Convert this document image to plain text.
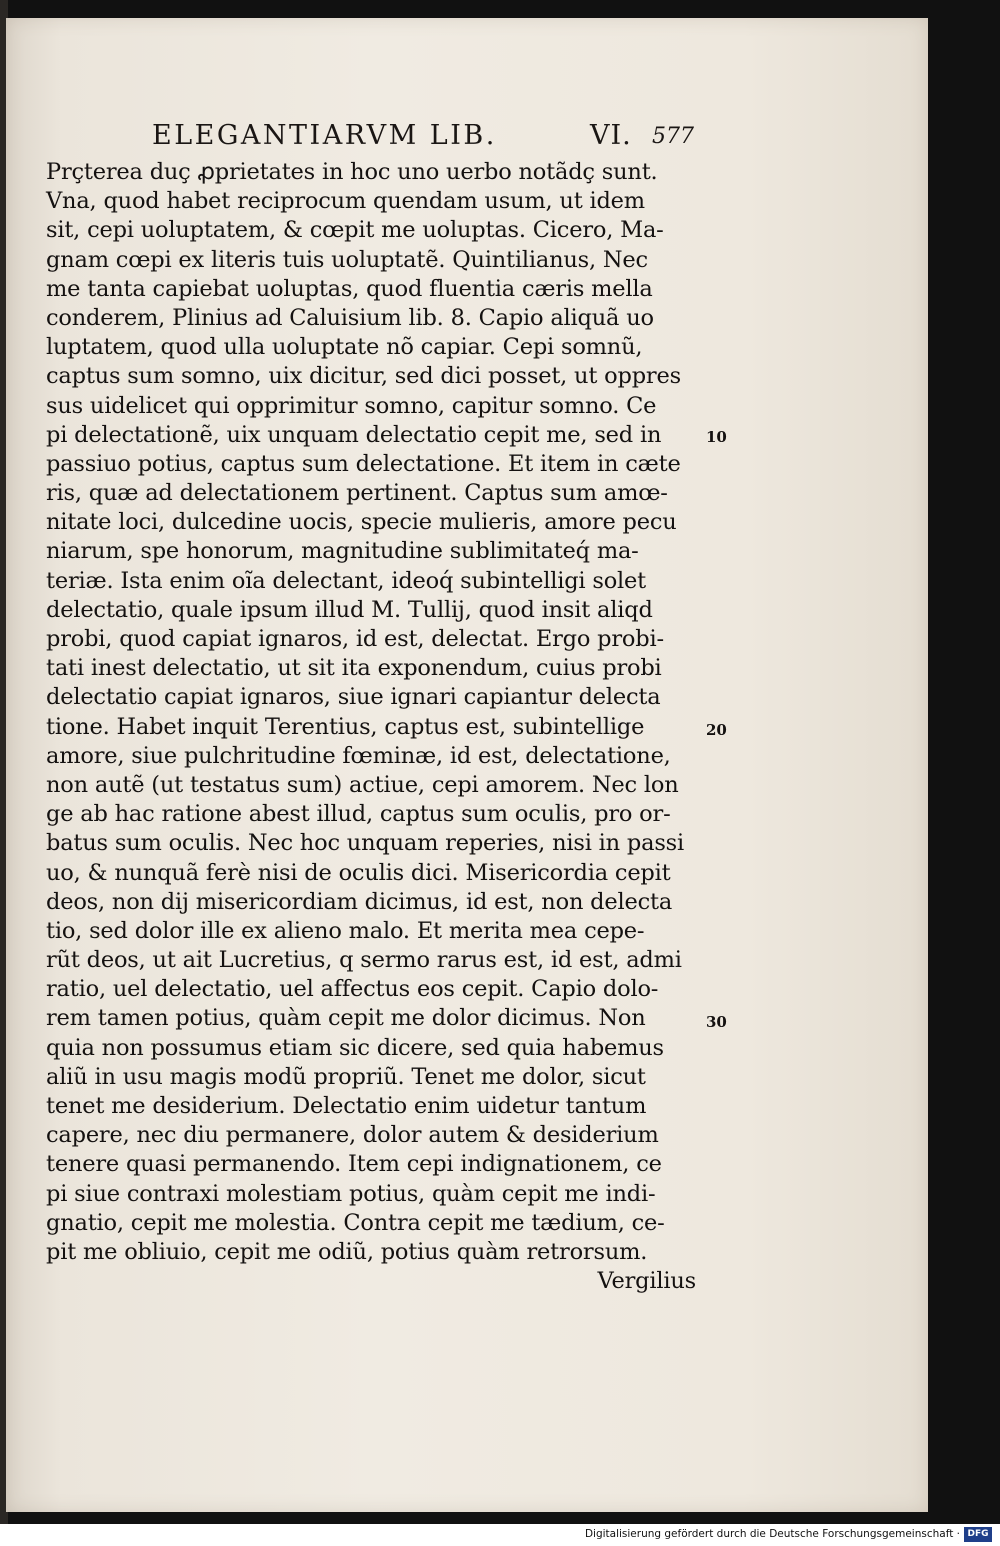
ELEGANTIARVM LIB.	VI. 577
Prçterea duç ꝓprietates in hoc uno uerbo notãdç sunt.
Vna, quod habet reciprocum quendam usum, ut idem
sit, cepi uoluptatem, & cœpit me uoluptas. Cicero, Ma-
gnam cœpi ex literis tuis uoluptatẽ. Quintilianus, Nec
me tanta capiebat uoluptas, quod fluentia cæris mella
conderem, Plinius ad Caluisium lib. 8. Capio aliquã uo
luptatem, quod ulla uoluptate nõ capiar. Cepi somnũ,
captus sum somno, uix dicitur, sed dici posset, ut oppres
sus uidelicet qui opprimitur somno, capitur somno. Ce
pi delectationẽ, uix unquam delectatio cepit me, sed in
passiuo potius, captus sum delectatione. Et item in cæte
ris, quæ ad delectationem pertinent. Captus sum amœ-
nitate loci, dulcedine uocis, specie mulieris, amore pecu
niarum, spe honorum, magnitudine sublimitateq́ ma-
teriæ. Ista enim oĩa delectant, ideoq́ subintelligi solet
delectatio, quale ipsum illud M. Tullij, quod insit aliqd
probi, quod capiat ignaros, id est, delectat. Ergo probi-
tati inest delectatio, ut sit ita exponendum, cuius probi
delectatio capiat ignaros, siue ignari capiantur delecta
tione. Habet inquit Terentius, captus est, subintellige
amore, siue pulchritudine fœminæ, id est, delectatione,
non autẽ (ut testatus sum) actiue, cepi amorem. Nec lon
ge ab hac ratione abest illud, captus sum oculis, pro or-
batus sum oculis. Nec hoc unquam reperies, nisi in passi
uo, & nunquã ferè nisi de oculis dici. Misericordia cepit
deos, non dij misericordiam dicimus, id est, non delecta
tio, sed dolor ille ex alieno malo. Et merita mea cepe-
rũt deos, ut ait Lucretius, q sermo rarus est, id est, admi
ratio, uel delectatio, uel affectus eos cepit. Capio dolo-
rem tamen potius, quàm cepit me dolor dicimus. Non
quia non possumus etiam sic dicere, sed quia habemus
aliũ in usu magis modũ propriũ. Tenet me dolor, sicut
tenet me desiderium. Delectatio enim uidetur tantum
capere, nec diu permanere, dolor autem & desiderium
tenere quasi permanendo. Item cepi indignationem, ce
pi siue contraxi molestiam potius, quàm cepit me indi-
gnatio, cepit me molestia. Contra cepit me tædium, ce-
pit me obliuio, cepit me odiũ, potius quàm retrorsum.
Vergilius
10
20
30
Digitalisierung gefördert durch die Deutsche Forschungsgemeinschaft · DFG
